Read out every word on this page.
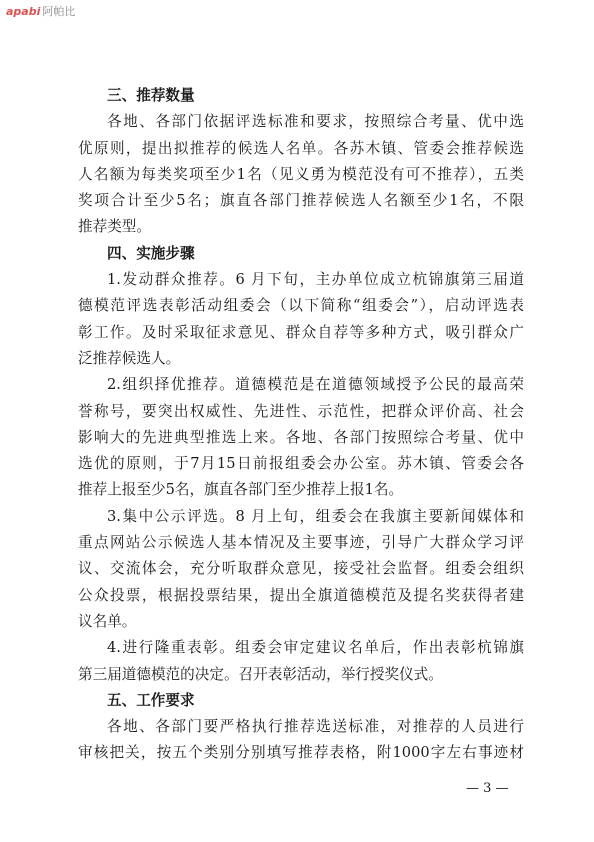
apabi 阿帕比
三、推荐数量
各地、各部门依据评选标准和要求，按照综合考量、优中选
优原则，提出拟推荐的候选人名单。各苏木镇、管委会推荐候选
人名额为每类奖项至少1名（见义勇为模范没有可不推荐），五类
奖项合计至少5名；旗直各部门推荐候选人名额至少1名，不限
推荐类型。
四、实施步骤
1.发动群众推荐。6 月下旬，主办单位成立杭锦旗第三届道
德模范评选表彰活动组委会（以下简称“组委会”），启动评选表
彰工作。及时采取征求意见、群众自荐等多种方式，吸引群众广
泛推荐候选人。
2.组织择优推荐。道德模范是在道德领域授予公民的最高荣
誉称号，要突出权威性、先进性、示范性，把群众评价高、社会
影响大的先进典型推选上来。各地、各部门按照综合考量、优中
选优的原则，于7月15日前报组委会办公室。苏木镇、管委会各
推荐上报至少5名，旗直各部门至少推荐上报1名。
3.集中公示评选。8 月上旬，组委会在我旗主要新闻媒体和
重点网站公示候选人基本情况及主要事迹，引导广大群众学习评
议、交流体会，充分听取群众意见，接受社会监督。组委会组织
公众投票，根据投票结果，提出全旗道德模范及提名奖获得者建
议名单。
4.进行隆重表彰。组委会审定建议名单后，作出表彰杭锦旗
第三届道德模范的决定。召开表彰活动，举行授奖仪式。
五、工作要求
各地、各部门要严格执行推荐选送标准，对推荐的人员进行
审核把关，按五个类别分别填写推荐表格，附1000字左右事迹材
— 3 —
